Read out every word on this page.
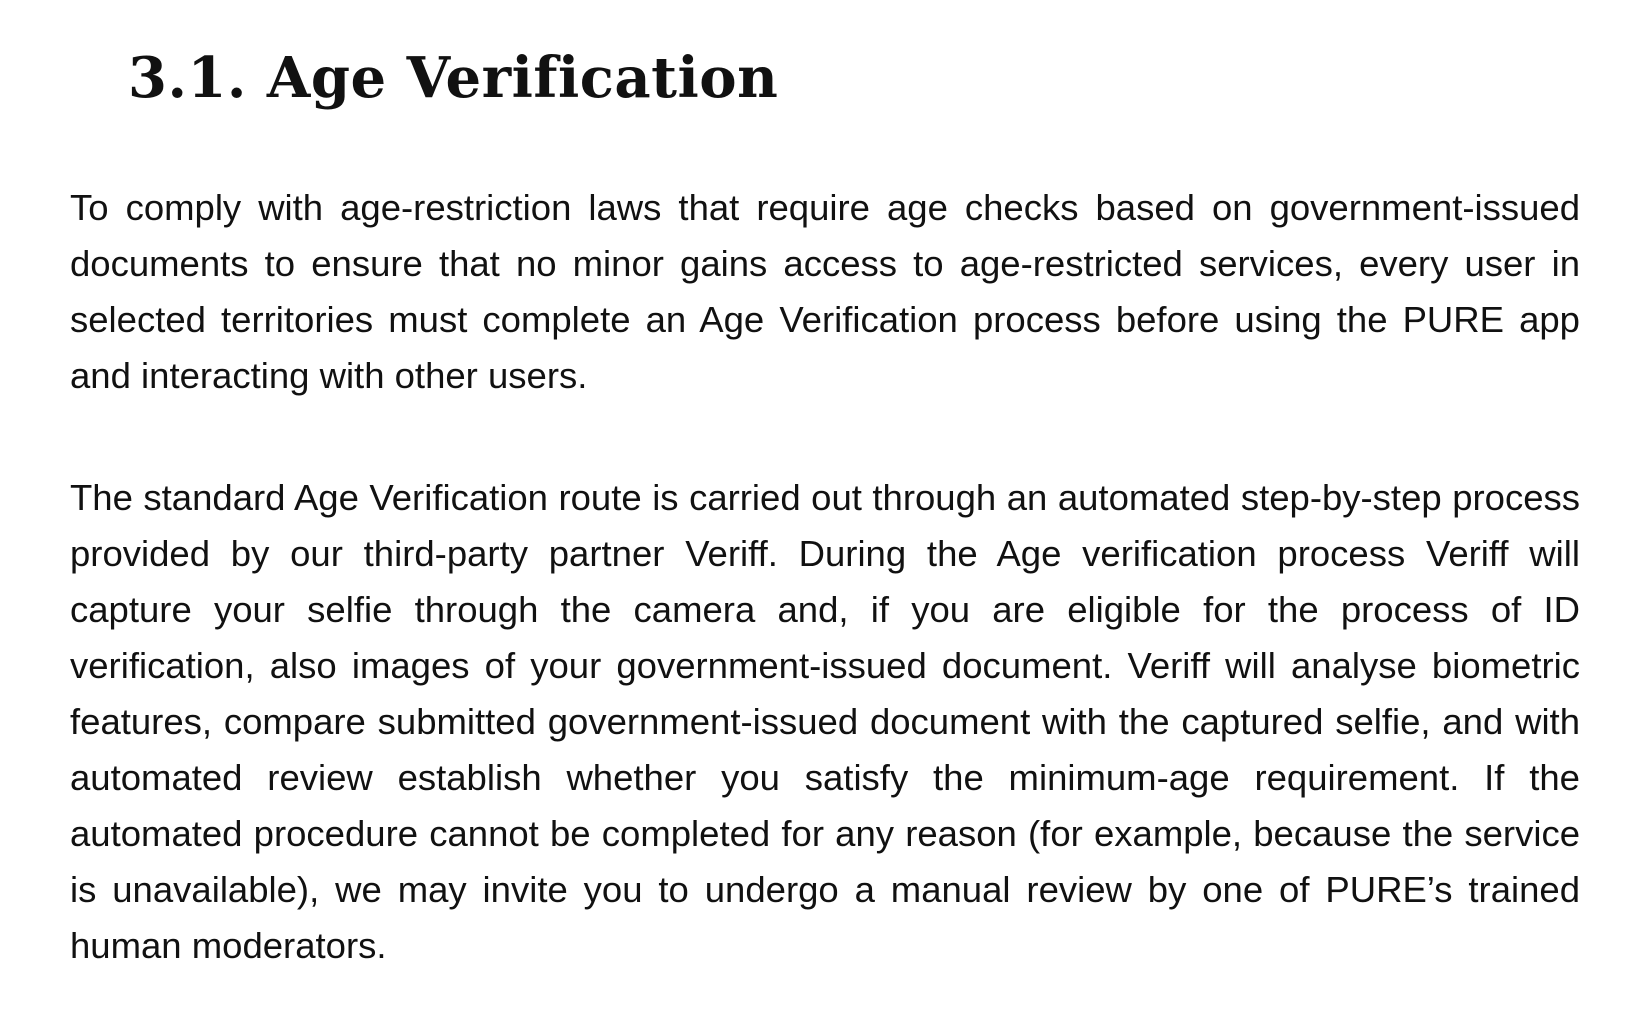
3.1. Age Verification

To comply with age-restriction laws that require age checks based on government-issued documents to ensure that no minor gains access to age-restricted services, every user in selected territories must complete an Age Verification process before using the PURE app and interacting with other users.

The standard Age Verification route is carried out through an automated step-by-step process provided by our third-party partner Veriff. During the Age verification process Veriff will capture your selfie through the camera and, if you are eligible for the process of ID verification, also images of your government-issued document. Veriff will analyse biometric features, compare submitted government-issued document with the captured selfie, and with automated review establish whether you satisfy the minimum-age requirement. If the automated procedure cannot be completed for any reason (for example, because the service is unavailable), we may invite you to undergo a manual review by one of PURE’s trained human moderators.
